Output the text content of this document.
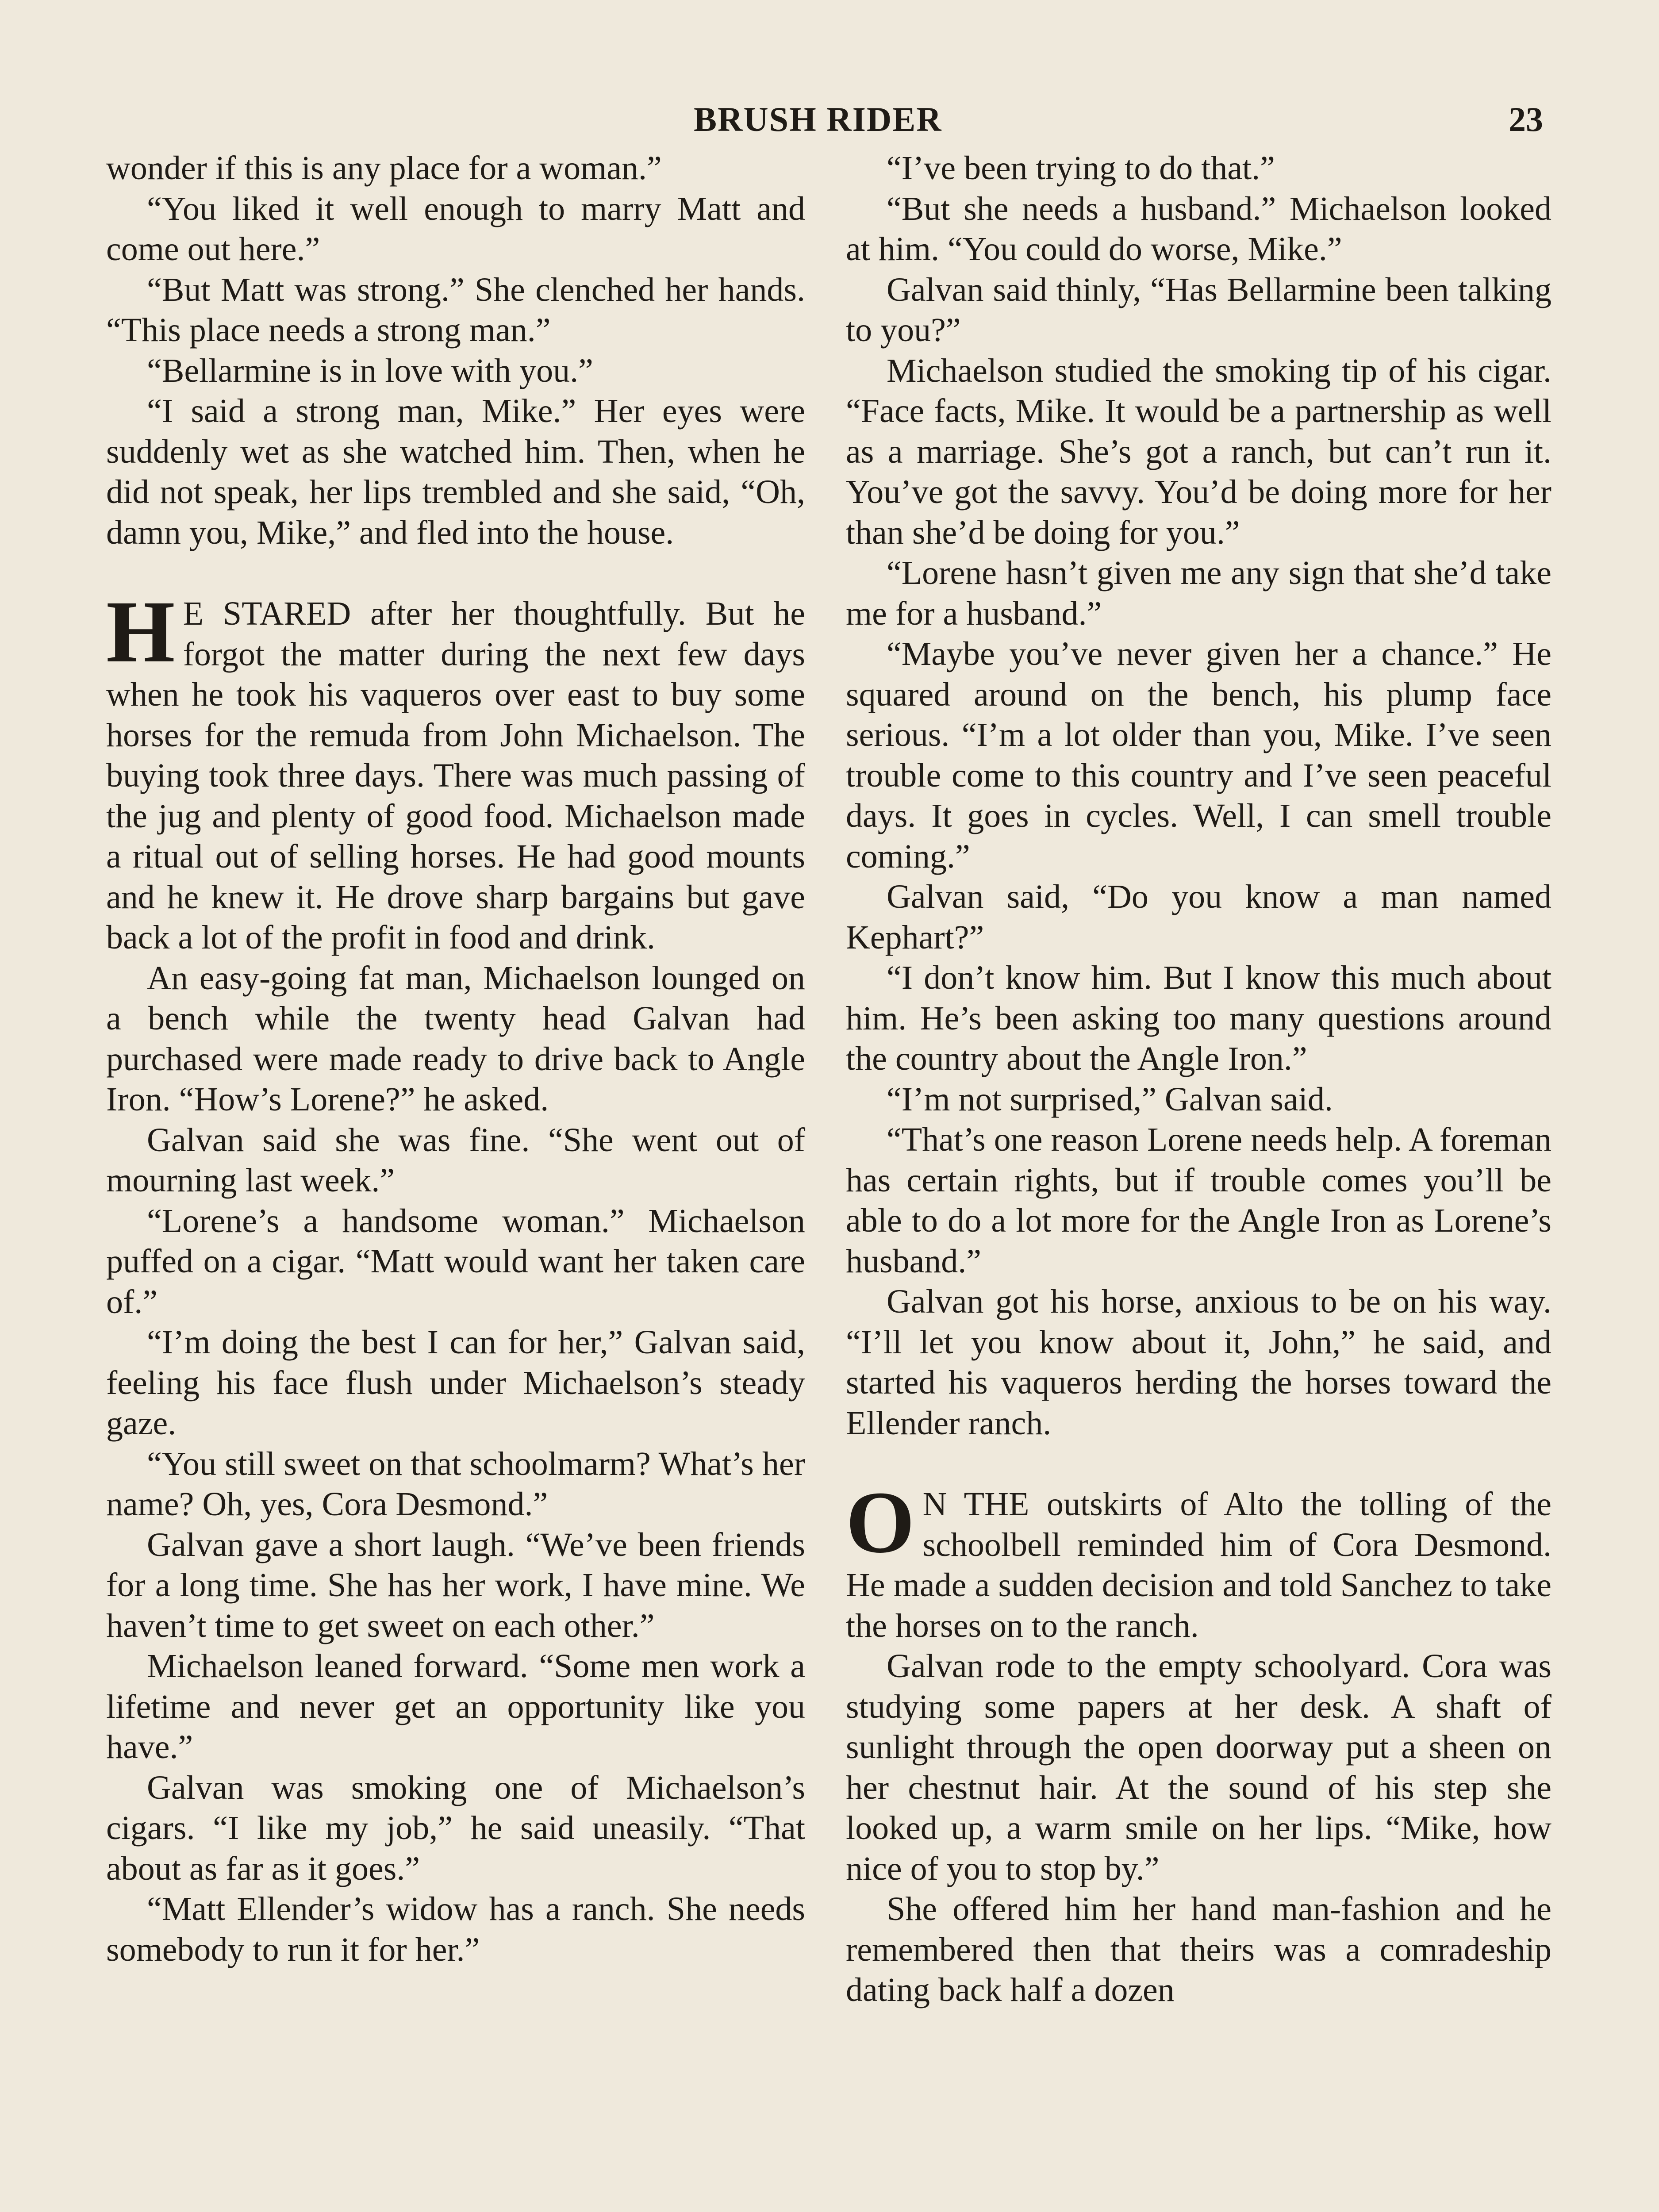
BRUSH RIDER	23

wonder if this is any place for a woman.”

“You liked it well enough to marry Matt and come out here.”

“But Matt was strong.” She clenched her hands. “This place needs a strong man.”

“Bellarmine is in love with you.”

“I said a strong man, Mike.” Her eyes were suddenly wet as she watched him. Then, when he did not speak, her lips trembled and she said, “Oh, damn you, Mike,” and fled into the house.

H E STARED after her thoughtfully. But he forgot the matter during the next few days when he took his vaqueros over east to buy some horses for the remuda from John Michaelson. The buying took three days. There was much passing of the jug and plenty of good food. Michaelson made a ritual out of selling horses. He had good mounts and he knew it. He drove sharp bargains but gave back a lot of the profit in food and drink.

An easy-going fat man, Michaelson lounged on a bench while the twenty head Galvan had purchased were made ready to drive back to Angle Iron. “How’s Lorene?” he asked.

Galvan said she was fine. “She went out of mourning last week.”

“Lorene’s a handsome woman.” Michaelson puffed on a cigar. “Matt would want her taken care of.”

“I’m doing the best I can for her,” Galvan said, feeling his face flush under Michaelson’s steady gaze.

“You still sweet on that schoolmarm? What’s her name? Oh, yes, Cora Desmond.”

Galvan gave a short laugh. “We’ve been friends for a long time. She has her work, I have mine. We haven’t time to get sweet on each other.”

Michaelson leaned forward. “Some men work a lifetime and never get an opportunity like you have.”

Galvan was smoking one of Michaelson’s cigars. “I like my job,” he said uneasily. “That about as far as it goes.”

“Matt Ellender’s widow has a ranch. She needs somebody to run it for her.”

“I’ve been trying to do that.”

“But she needs a husband.” Michaelson looked at him. “You could do worse, Mike.”

Galvan said thinly, “Has Bellarmine been talking to you?”

Michaelson studied the smoking tip of his cigar. “Face facts, Mike. It would be a partnership as well as a marriage. She’s got a ranch, but can’t run it. You’ve got the savvy. You’d be doing more for her than she’d be doing for you.”

“Lorene hasn’t given me any sign that she’d take me for a husband.”

“Maybe you’ve never given her a chance.” He squared around on the bench, his plump face serious. “I’m a lot older than you, Mike. I’ve seen trouble come to this country and I’ve seen peaceful days. It goes in cycles. Well, I can smell trouble coming.”

Galvan said, “Do you know a man named Kephart?”

“I don’t know him. But I know this much about him. He’s been asking too many questions around the country about the Angle Iron.”

“I’m not surprised,” Galvan said.

“That’s one reason Lorene needs help. A foreman has certain rights, but if trouble comes you’ll be able to do a lot more for the Angle Iron as Lorene’s husband.”

Galvan got his horse, anxious to be on his way. “I’ll let you know about it, John,” he said, and started his vaqueros herding the horses toward the Ellender ranch.

O N THE outskirts of Alto the tolling of the schoolbell reminded him of Cora Desmond. He made a sudden decision and told Sanchez to take the horses on to the ranch.

Galvan rode to the empty schoolyard. Cora was studying some papers at her desk. A shaft of sunlight through the open doorway put a sheen on her chestnut hair. At the sound of his step she looked up, a warm smile on her lips. “Mike, how nice of you to stop by.”

She offered him her hand man-fashion and he remembered then that theirs was a comradeship dating back half a dozen
